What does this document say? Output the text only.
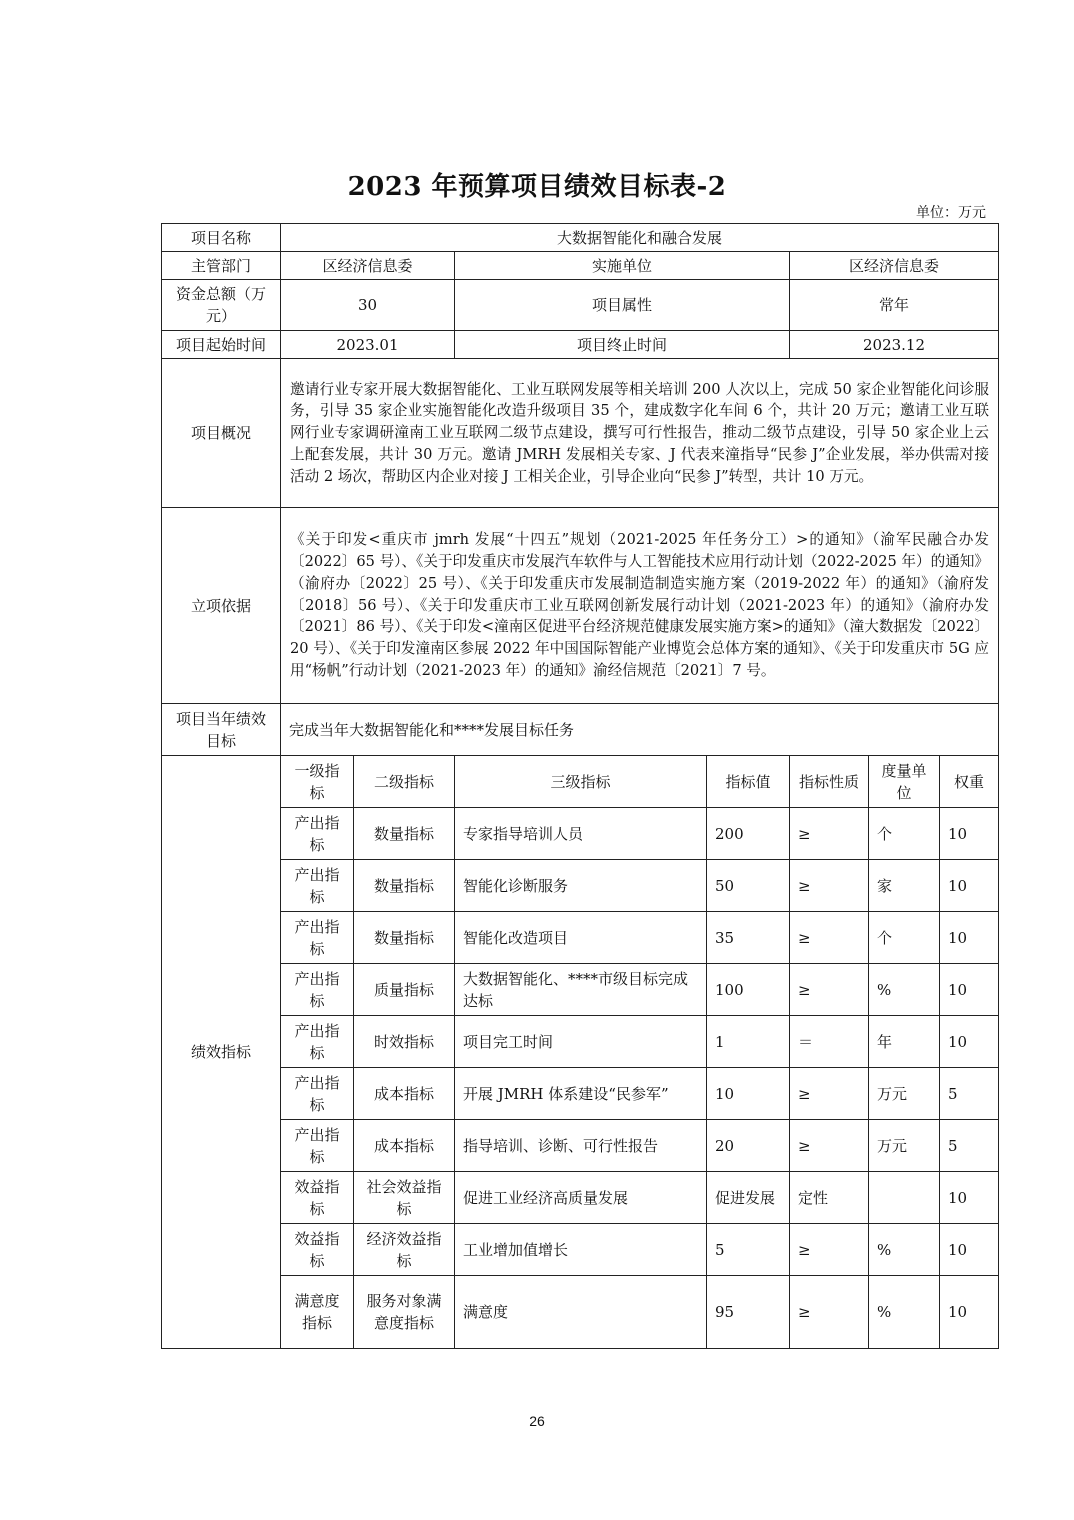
2023 年预算项目绩效目标表-2
单位：万元
项目名称	大数据智能化和融合发展						
主管部门	区经济信息委		实施单位		区经济信息委		
资金总额（万元）	30		项目属性		常年		
项目起始时间	2023.01		项目终止时间		2023.12		
项目概况	邀请行业专家开展大数据智能化、工业互联网发展等相关培训 200 人次以上，完成 50 家企业智能化问诊服务，引导 35 家企业实施智能化改造升级项目 35 个，建成数字化车间 6 个，共计 20 万元；邀请工业互联网行业专家调研潼南工业互联网二级节点建设，撰写可行性报告，推动二级节点建设，引导 50 家企业上云上配套发展，共计 30 万元。邀请 JMRH 发展相关专家、J 代表来潼指导“民参 J”企业发展，举办供需对接活动 2 场次，帮助区内企业对接 J 工相关企业，引导企业向“民参 J”转型，共计 10 万元。						
立项依据	《关于印发<重庆市 jmrh 发展“十四五”规划（2021-2025 年任务分工）>的通知》（渝军民融合办发〔2022〕65 号）、《关于印发重庆市发展汽车软件与人工智能技术应用行动计划（2022-2025 年）的通知》（渝府办〔2022〕25 号）、《关于印发重庆市发展制造制造实施方案（2019-2022 年）的通知》（渝府发〔2018〕56 号）、《关于印发重庆市工业互联网创新发展行动计划（2021-2023 年）的通知》（渝府办发〔2021〕86 号）、《关于印发<潼南区促进平台经济规范健康发展实施方案>的通知》（潼大数据发〔2022〕20 号）、《关于印发潼南区参展 2022 年中国国际智能产业博览会总体方案的通知》、《关于印发重庆市 5G 应用“杨帆”行动计划（2021-2023 年）的通知》渝经信规范〔2021〕7 号。						
项目当年绩效目标	完成当年大数据智能化和****发展目标任务						
绩效指标	一级指标	二级指标	三级指标	指标值	指标性质	度量单位	权重
	产出指标	数量指标	专家指导培训人员	200	≥	个	10
	产出指标	数量指标	智能化诊断服务	50	≥	家	10
	产出指标	数量指标	智能化改造项目	35	≥	个	10
	产出指标	质量指标	大数据智能化、****市级目标完成达标	100	≥	%	10
	产出指标	时效指标	项目完工时间	1	＝	年	10
	产出指标	成本指标	开展 JMRH 体系建设“民参军”	10	≥	万元	5
	产出指标	成本指标	指导培训、诊断、可行性报告	20	≥	万元	5
	效益指标	社会效益指标	促进工业经济高质量发展	促进发展	定性		10
	效益指标	经济效益指标	工业增加值增长	5	≥	%	10
	满意度指标	服务对象满意度指标	满意度	95	≥	%	10
26
